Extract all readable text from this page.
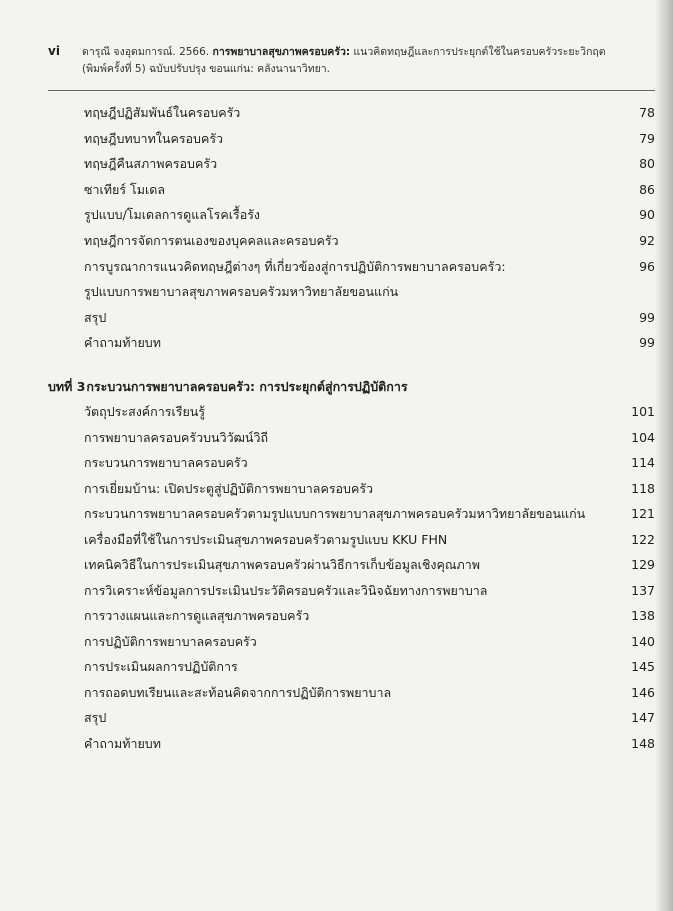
vi ดารุณี จงอุดมการณ์. 2566. การพยาบาลสุขภาพครอบครัว: แนวคิดทฤษฎีและการประยุกต์ใช้ในครอบครัวระยะวิกฤต
(พิมพ์ครั้งที่ 5) ฉบับปรับปรุง ขอนแก่น: คลังนานาวิทยา.
ทฤษฎีปฏิสัมพันธ์ในครอบครัว	78
ทฤษฎีบทบาทในครอบครัว	79
ทฤษฎีคืนสภาพครอบครัว	80
ซาเทียร์ โมเดล	86
รูปแบบ/โมเดลการดูแลโรคเรื้อรัง	90
ทฤษฎีการจัดการตนเองของบุคคลและครอบครัว	92
การบูรณาการแนวคิดทฤษฎีต่างๆ ที่เกี่ยวข้องสู่การปฏิบัติการพยาบาลครอบครัว:	96
รูปแบบการพยาบาลสุขภาพครอบครัวมหาวิทยาลัยขอนแก่น
สรุป	99
คำถามท้ายบท	99
บทที่ 3 กระบวนการพยาบาลครอบครัว: การประยุกต์สู่การปฏิบัติการ
วัตถุประสงค์การเรียนรู้	101
การพยาบาลครอบครัวบนวิวัฒน์วิถี	104
กระบวนการพยาบาลครอบครัว	114
การเยี่ยมบ้าน: เปิดประตูสู่ปฏิบัติการพยาบาลครอบครัว	118
กระบวนการพยาบาลครอบครัวตามรูปแบบการพยาบาลสุขภาพครอบครัวมหาวิทยาลัยขอนแก่น	121
เครื่องมือที่ใช้ในการประเมินสุขภาพครอบครัวตามรูปแบบ KKU FHN	122
เทคนิควิธีในการประเมินสุขภาพครอบครัวผ่านวิธีการเก็บข้อมูลเชิงคุณภาพ	129
การวิเคราะห์ข้อมูลการประเมินประวัติครอบครัวและวินิจฉัยทางการพยาบาล	137
การวางแผนและการดูแลสุขภาพครอบครัว	138
การปฏิบัติการพยาบาลครอบครัว	140
การประเมินผลการปฏิบัติการ	145
การถอดบทเรียนและสะท้อนคิดจากการปฏิบัติการพยาบาล	146
สรุป	147
คำถามท้ายบท	148
